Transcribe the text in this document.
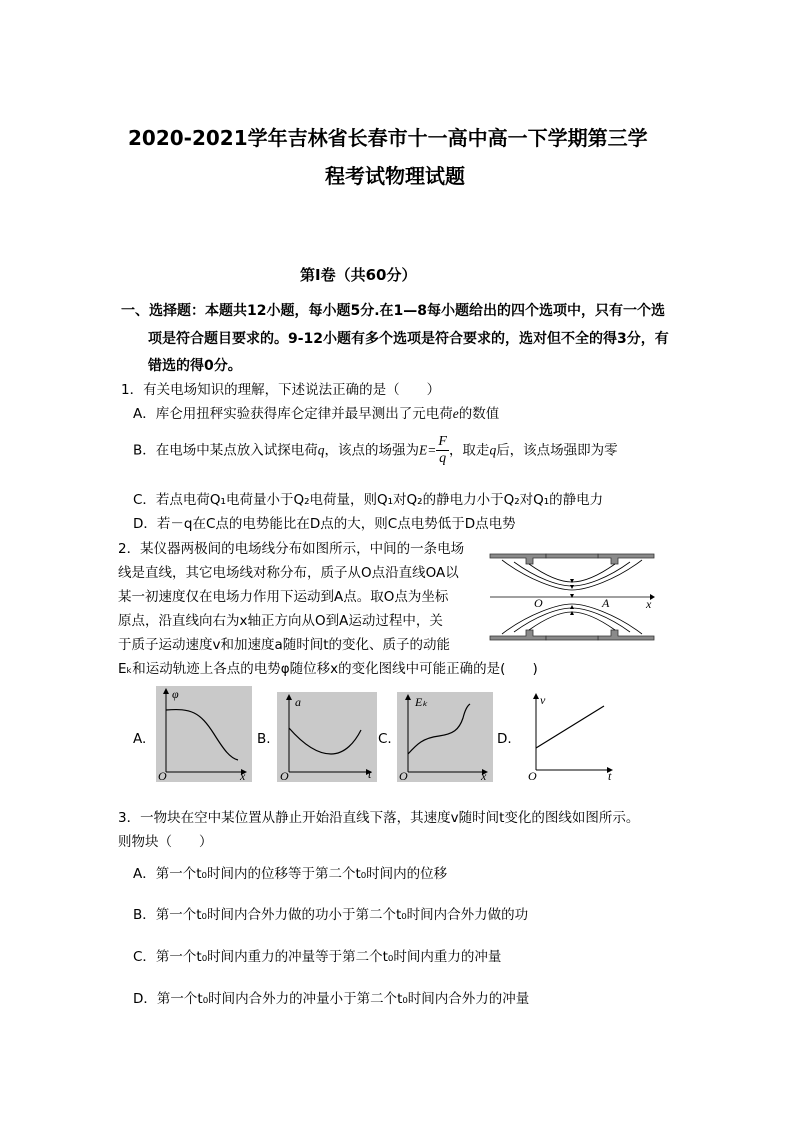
2020-2021学年吉林省长春市十一高中高一下学期第三学
程考试物理试题
第Ⅰ卷（共60分）
一、选择题：本题共12小题，每小题5分.在1—8每小题给出的四个选项中，只有一个选
项是符合题目要求的。9-12小题有多个选项是符合要求的，选对但不全的得3分，有
错选的得0分。
1．有关电场知识的理解，下述说法正确的是（　　）
A．库仑用扭秤实验获得库仑定律并最早测出了元电荷e的数值
B．在电场中某点放入试探电荷q，该点的场强为$E= \frac{F}{q}$ ，取走q后，该点场强即为零
C．若点电荷Q₁电荷量小于Q₂电荷量，则Q₁对Q₂的静电力小于Q₂对Q₁的静电力
D．若－q在C点的电势能比在D点的大，则C点电势低于D点电势
2．某仪器两极间的电场线分布如图所示，中间的一条电场
线是直线，其它电场线对称分布，质子从O点沿直线OA以
某一初速度仅在电场力作用下运动到A点。取O点为坐标
原点，沿直线向右为x轴正方向从O到A运动过程中，关
于质子运动速度v和加速度a随时间t的变化、质子的动能
Eₖ和运动轨迹上各点的电势φ随位移x的变化图线中可能正确的是(　　)
O	A	x
A.
φ
x
O
B.
a
t
O
C.
Eₖ
x
O
D.
v
t
O
3．一物块在空中某位置从静止开始沿直线下落，其速度v随时间t变化的图线如图所示。
则物块（　　）
A．第一个t₀时间内的位移等于第二个t₀时间内的位移
B．第一个t₀时间内合外力做的功小于第二个t₀时间内合外力做的功
C．第一个t₀时间内重力的冲量等于第二个t₀时间内重力的冲量
D．第一个t₀时间内合外力的冲量小于第二个t₀时间内合外力的冲量
